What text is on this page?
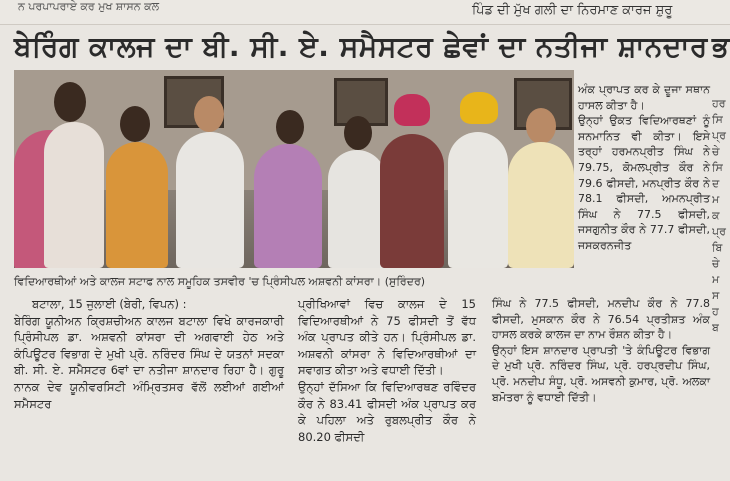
ਨ ਪਰਪਾਪਰਾਏ ਕਰ ਮੁਖ ਸ਼ਾਸਨ ਕਲ	ਪਿੰਡ ਦੀ ਮੁੱਖ ਗਲੀ ਦਾ ਨਿਰਮਾਣ ਕਾਰਜ ਸ਼ੁਰੂ
ਬੇਰਿੰਗ ਕਾਲਜ ਦਾ ਬੀ. ਸੀ. ਏ. ਸਮੈਸਟਰ ਛੇਵਾਂ ਦਾ ਨਤੀਜਾ ਸ਼ਾਨਦਾਰ ਭ
ਵਿਦਿਆਰਥੀਆਂ ਅਤੇ ਕਾਲਜ ਸਟਾਫ ਨਾਲ ਸਮੂਹਿਕ ਤਸਵੀਰ 'ਚ ਪ੍ਰਿੰਸੀਪਲ ਅਸ਼ਵਨੀ ਕਾਂਸਰਾ। (ਸੁਰਿੰਦਰ)

ਅੰਕ ਪ੍ਰਾਪਤ ਕਰ ਕੇ ਦੂਜਾ ਸਥਾਨ ਹਾਸਲ ਕੀਤਾ ਹੈ।

ਉਨ੍ਹਾਂ ਉਕਤ ਵਿਦਿਆਰਥਣਾਂ ਨੂੰ ਸਨਮਾਨਿਤ ਵੀ ਕੀਤਾ। ਇਸੇ ਤਰ੍ਹਾਂ ਹਰਮਨਪ੍ਰੀਤ ਸਿੰਘ ਨੇ 79.75, ਕੋਮਲਪ੍ਰੀਤ ਕੌਰ ਨੇ 79.6 ਫੀਸਦੀ, ਮਨਪ੍ਰੀਤ ਕੌਰ ਨੇ 78.1 ਫੀਸਦੀ, ਅਮਨਪ੍ਰੀਤ ਸਿੰਘ ਨੇ 77.5 ਫੀਸਦੀ, ਜਸਗੁਨੀਤ ਕੌਰ ਨੇ 77.7 ਫੀਸਦੀ, ਜਸਕਰਨਜੀਤ

ਬਟਾਲਾ, 15 ਜੁਲਾਈ (ਬੇਰੀ, ਵਿਪਨ) :

ਬੇਰਿੰਗ ਯੂਨੀਅਨ ਕ੍ਰਿਸ਼ਚੀਅਨ ਕਾਲਜ ਬਟਾਲਾ ਵਿਖੇ ਕਾਰਜਕਾਰੀ ਪ੍ਰਿੰਸੀਪਲ ਡਾ. ਅਸ਼ਵਨੀ ਕਾਂਸਰਾ ਦੀ ਅਗਵਾਈ ਹੇਠ ਅਤੇ ਕੰਪਿਊਟਰ ਵਿਭਾਗ ਦੇ ਮੁਖੀ ਪ੍ਰੋ. ਨਰਿੰਦਰ ਸਿੰਘ ਦੇ ਯਤਨਾਂ ਸਦਕਾ ਬੀ. ਸੀ. ਏ. ਸਮੈਸਟਰ 6ਵਾਂ ਦਾ ਨਤੀਜਾ ਸ਼ਾਨਦਾਰ ਰਿਹਾ ਹੈ। ਗੁਰੂ ਨਾਨਕ ਦੇਵ ਯੂਨੀਵਰਸਿਟੀ ਅੰਮ੍ਰਿਤਸਰ ਵੱਲੋਂ ਲਈਆਂ ਗਈਆਂ ਸਮੈਸਟਰ

ਪ੍ਰੀਖਿਆਵਾਂ ਵਿਚ ਕਾਲਜ ਦੇ 15 ਵਿਦਿਆਰਥੀਆਂ ਨੇ 75 ਫੀਸਦੀ ਤੋਂ ਵੱਧ ਅੰਕ ਪ੍ਰਾਪਤ ਕੀਤੇ ਹਨ। ਪ੍ਰਿੰਸੀਪਲ ਡਾ. ਅਸ਼ਵਨੀ ਕਾਂਸਰਾ ਨੇ ਵਿਦਿਆਰਥੀਆਂ ਦਾ ਸਵਾਗਤ ਕੀਤਾ ਅਤੇ ਵਧਾਈ ਦਿੱਤੀ।

ਉਨ੍ਹਾਂ ਦੱਸਿਆ ਕਿ ਵਿਦਿਆਰਥਣ ਰਵਿੰਦਰ ਕੌਰ ਨੇ 83.41 ਫੀਸਦੀ ਅੰਕ ਪ੍ਰਾਪਤ ਕਰ ਕੇ ਪਹਿਲਾ ਅਤੇ ਰੁਬਲਪ੍ਰੀਤ ਕੌਰ ਨੇ 80.20 ਫੀਸਦੀ

ਸਿੰਘ ਨੇ 77.5 ਫੀਸਦੀ, ਮਨਦੀਪ ਕੌਰ ਨੇ 77.8 ਫੀਸਦੀ, ਮੁਸਕਾਨ ਕੌਰ ਨੇ 76.54 ਪ੍ਰਤੀਸ਼ਤ ਅੰਕ ਹਾਸਲ ਕਰਕੇ ਕਾਲਜ ਦਾ ਨਾਮ ਰੌਸ਼ਨ ਕੀਤਾ ਹੈ।

ਉਨ੍ਹਾਂ ਇਸ ਸ਼ਾਨਦਾਰ ਪ੍ਰਾਪਤੀ 'ਤੇ ਕੰਪਿਊਟਰ ਵਿਭਾਗ ਦੇ ਮੁਖੀ ਪ੍ਰੋ. ਨਰਿੰਦਰ ਸਿੰਘ, ਪ੍ਰੋ. ਹਰਪ੍ਰਦੀਪ ਸਿੰਘ, ਪ੍ਰੋ. ਮਨਦੀਪ ਸੰਧੂ, ਪ੍ਰੋ. ਅਸਵਨੀ ਕੁਮਾਰ, ਪ੍ਰੋ. ਅਲਕਾ ਬਮੋਤਰਾ ਨੂੰ ਵਧਾਈ ਦਿੱਤੀ।

ਹਰ
ਸਿ
ਪ੍ਰ
ਚੇ
ਸਿ
ਦ
ਮ
ਕ
ਪ੍ਰ
ਬਿ
ਚੇ
ਮ
ਸ
ਹ
ਬ
